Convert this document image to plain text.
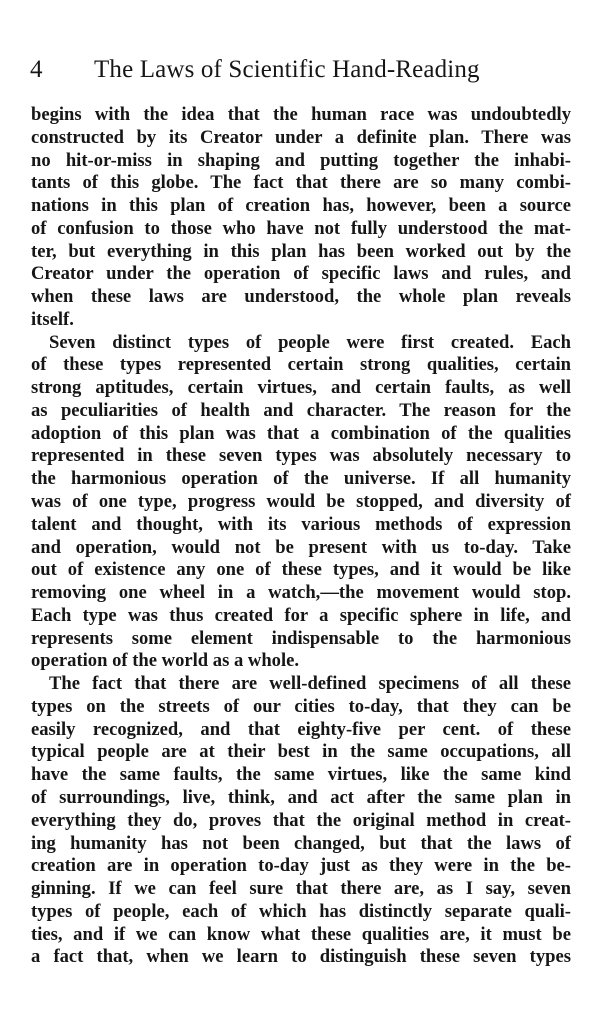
4 The Laws of Scientific Hand-Reading

begins with the idea that the human race was undoubtedly
constructed by its Creator under a definite plan. There was
no hit-or-miss in shaping and putting together the inhabi-
tants of this globe. The fact that there are so many combi-
nations in this plan of creation has, however, been a source
of confusion to those who have not fully understood the mat-
ter, but everything in this plan has been worked out by the
Creator under the operation of specific laws and rules, and
when these laws are understood, the whole plan reveals
itself.

Seven distinct types of people were first created. Each
of these types represented certain strong qualities, certain
strong aptitudes, certain virtues, and certain faults, as well
as peculiarities of health and character. The reason for the
adoption of this plan was that a combination of the qualities
represented in these seven types was absolutely necessary to
the harmonious operation of the universe. If all humanity
was of one type, progress would be stopped, and diversity of
talent and thought, with its various methods of expression
and operation, would not be present with us to-day. Take
out of existence any one of these types, and it would be like
removing one wheel in a watch,—the movement would stop.
Each type was thus created for a specific sphere in life, and
represents some element indispensable to the harmonious
operation of the world as a whole.

The fact that there are well-defined specimens of all these
types on the streets of our cities to-day, that they can be
easily recognized, and that eighty-five per cent. of these
typical people are at their best in the same occupations, all
have the same faults, the same virtues, like the same kind
of surroundings, live, think, and act after the same plan in
everything they do, proves that the original method in creat-
ing humanity has not been changed, but that the laws of
creation are in operation to-day just as they were in the be-
ginning. If we can feel sure that there are, as I say, seven
types of people, each of which has distinctly separate quali-
ties, and if we can know what these qualities are, it must be
a fact that, when we learn to distinguish these seven types
